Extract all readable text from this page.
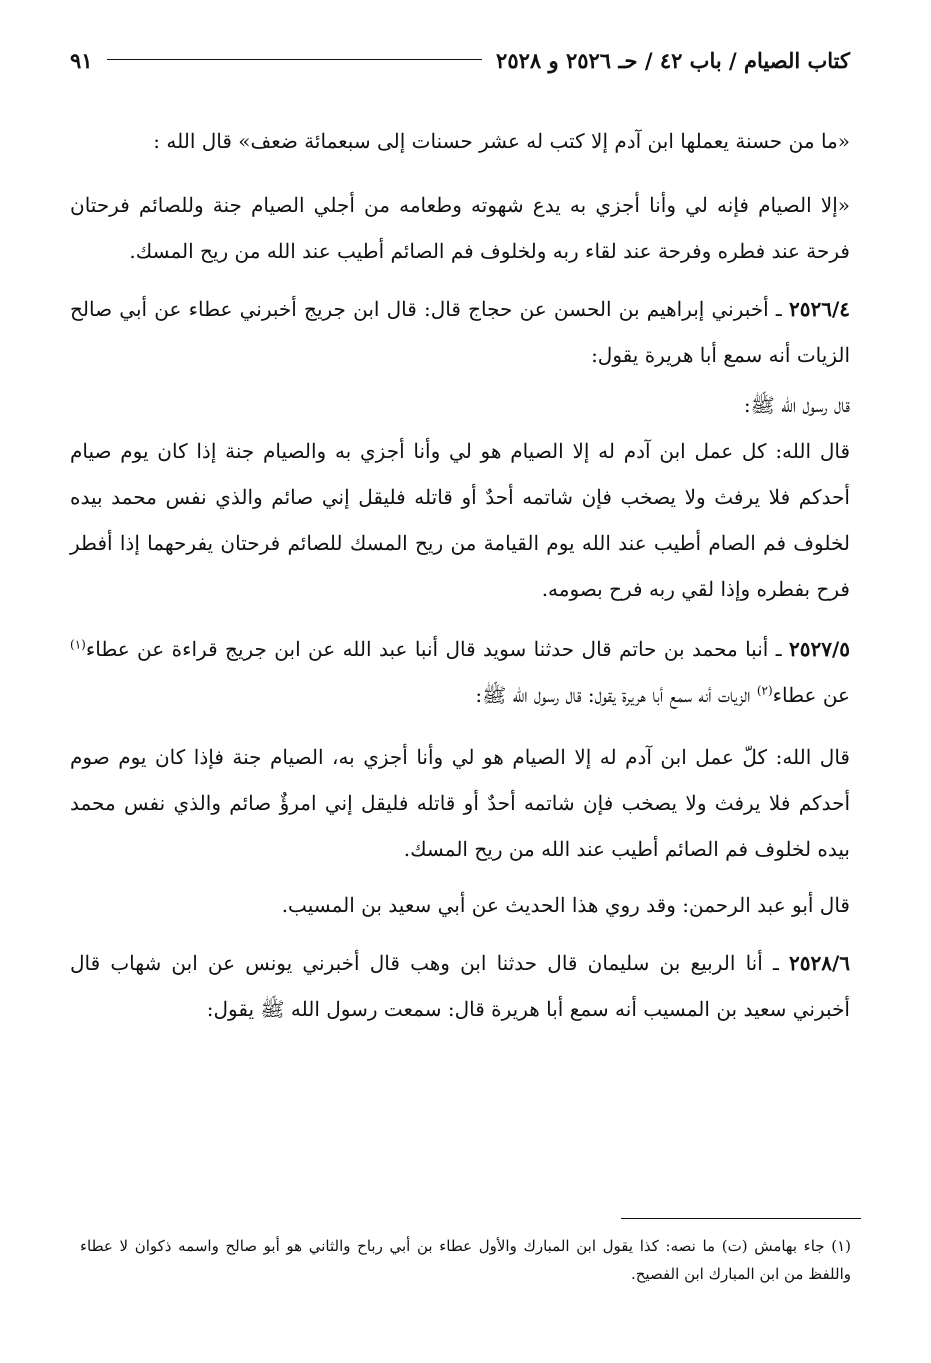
كتاب الصيام / باب ٤٢ / حـ ٢٥٢٦ و ٢٥٢٨
٩١

«ما من حسنة يعملها ابن آدم إلا كتب له عشر حسنات إلى سبعمائة ضعف» قال الله :

«إلا الصيام فإنه لي وأنا أجزي به يدع شهوته وطعامه من أجلي الصيام جنة وللصائم فرحتان فرحة عند فطره وفرحة عند لقاء ربه ولخلوف فم الصائم أطيب عند الله من ريح المسك.

٢٥٢٦/٤ ـ أخبرني إبراهيم بن الحسن عن حجاج قال: قال ابن جريج أخبرني عطاء عن أبي صالح الزيات أنه سمع أبا هريرة يقول:

قال رسول الله ﷺ:

قال الله: كل عمل ابن آدم له إلا الصيام هو لي وأنا أجزي به والصيام جنة إذا كان يوم صيام أحدكم فلا يرفث ولا يصخب فإن شاتمه أحدٌ أو قاتله فليقل إني صائم والذي نفس محمد بيده لخلوف فم الصام أطيب عند الله يوم القيامة من ريح المسك للصائم فرحتان يفرحهما إذا أفطر فرح بفطره وإذا لقي ربه فرح بصومه.

٢٥٢٧/٥ ـ أنبا محمد بن حاتم قال حدثنا سويد قال أنبا عبد الله عن ابن جريج قراءة عن عطاء$^{(١)}$ عن عطاء$^{(٢)}$ الزيات أنه سمع أبا هريرة يقول: قال رسول الله ﷺ:

قال الله: كلّ عمل ابن آدم له إلا الصيام هو لي وأنا أجزي به، الصيام جنة فإذا كان يوم صوم أحدكم فلا يرفث ولا يصخب فإن شاتمه أحدٌ أو قاتله فليقل إني امرؤٌ صائم والذي نفس محمد بيده لخلوف فم الصائم أطيب عند الله من ريح المسك.

قال أبو عبد الرحمن: وقد روي هذا الحديث عن أبي سعيد بن المسيب.

٢٥٢٨/٦ ـ أنا الربيع بن سليمان قال حدثنا ابن وهب قال أخبرني يونس عن ابن شهاب قال أخبرني سعيد بن المسيب أنه سمع أبا هريرة قال: سمعت رسول الله ﷺ يقول:

(١) جاء بهامش (ت) ما نصه: كذا يقول ابن المبارك والأول عطاء بن أبي رباح والثاني هو أبو صالح واسمه ذكوان لا عطاء واللفظ من ابن المبارك ابن الفصيح.
